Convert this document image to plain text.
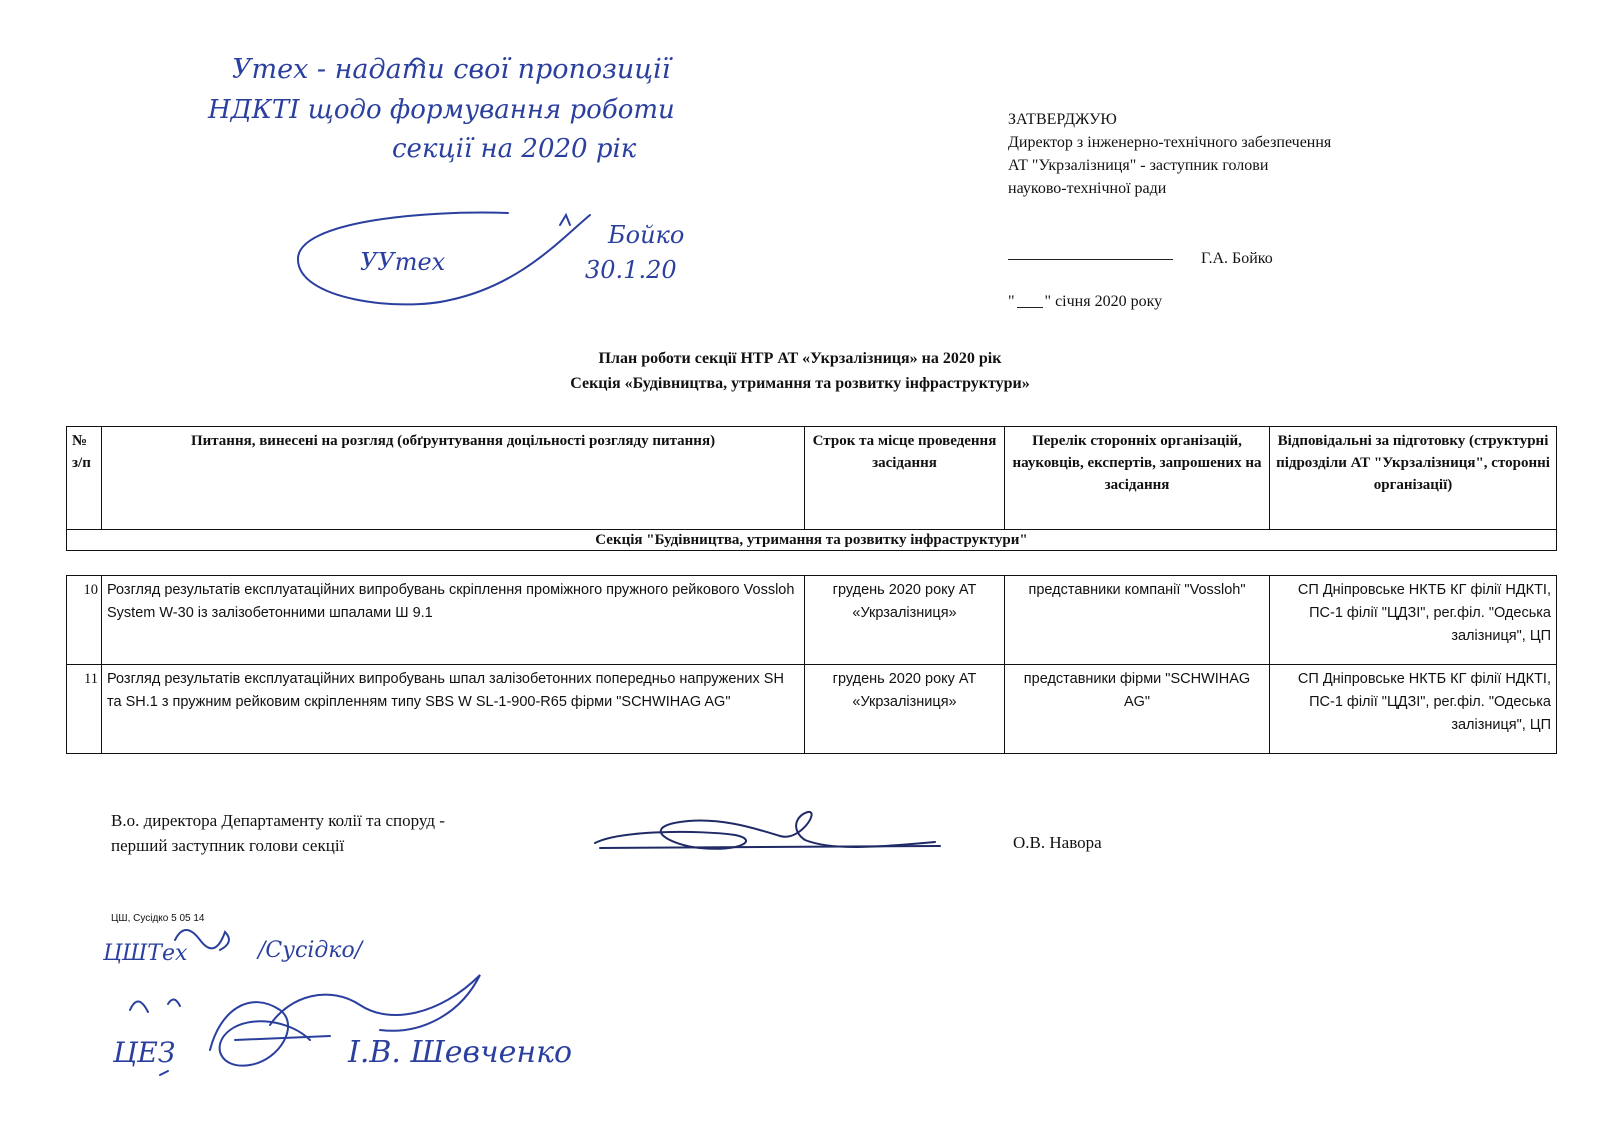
Утех - надати свої пропозиції
НДКТІ щодо формування роботи
секції на 2020 рік
УУтех
Бойко
30.1.20
ЦШТех	/Сусідко/
ЦЕЗ	І.В. Шевченко
ЗАТВЕРДЖУЮ
Директор з інженерно-технічного забезпечення
АТ "Укрзалізниця" - заступник голови
науково-технічної ради
Г.А. Бойко
" " січня 2020 року
План роботи секції НТР АТ «Укрзалізниця» на 2020 рік
Секція «Будівництва, утримання та розвитку інфраструктури»
№ з/п	Питання, винесені на розгляд (обґрунтування доцільності розгляду питання)	Строк та місце проведення засідання	Перелік сторонніх організацій, науковців, експертів, запрошених на засідання	Відповідальні за підготовку (структурні підрозділи АТ "Укрзалізниця", сторонні організації)
Секція "Будівництва, утримання та розвитку інфраструктури"
10	Розгляд результатів експлуатаційних випробувань скріплення проміжного пружного рейкового Vossloh System W-30 із залізобетонними шпалами Ш 9.1	грудень 2020 року АТ «Укрзалізниця»	представники компанії "Vossloh"	СП Дніпровське НКТБ КГ філії НДКТІ, ПС-1 філії "ЦДЗІ", рег.філ. "Одеська залізниця", ЦП
11	Розгляд результатів експлуатаційних випробувань шпал залізобетонних попередньо напружених SH та SH.1 з пружним рейковим скріпленням типу SBS W SL-1-900-R65 фірми "SCHWIHAG AG"	грудень 2020 року АТ «Укрзалізниця»	представники фірми "SCHWIHAG AG"	СП Дніпровське НКТБ КГ філії НДКТІ, ПС-1 філії "ЦДЗІ", рег.філ. "Одеська залізниця", ЦП
В.о. директора Департаменту колії та споруд -
перший заступник голови секції	О.В. Навора
ЦШ, Сусідко 5 05 14
